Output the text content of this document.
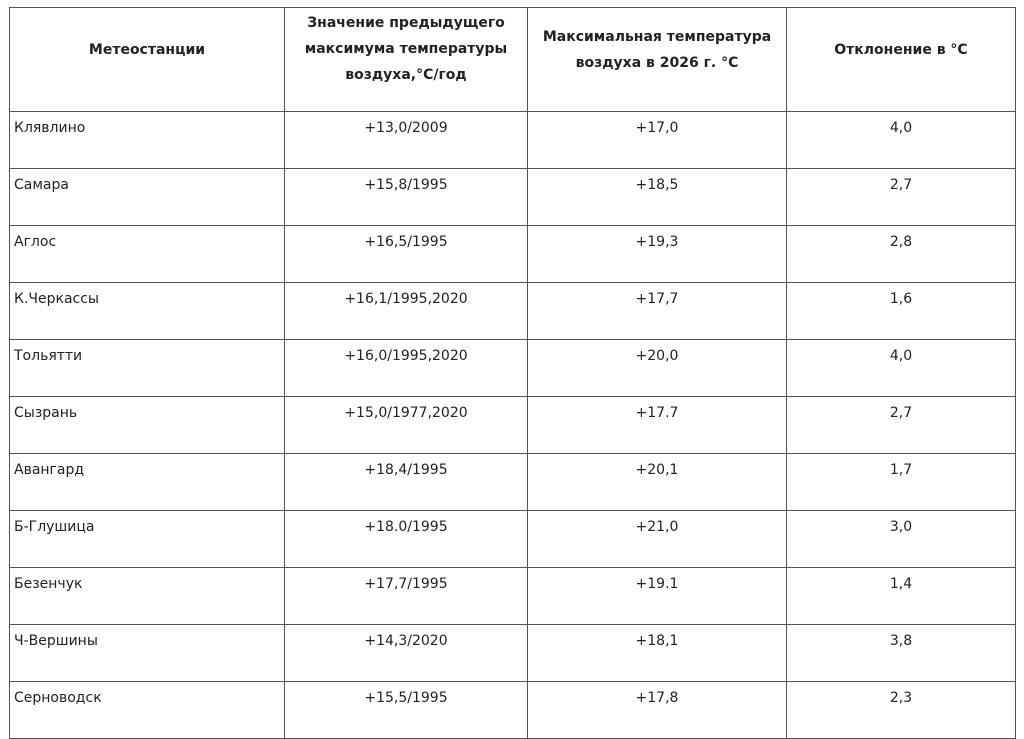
Метеостанции	Значение предыдущего максимума температуры воздуха,°С/год	Максимальная температура воздуха в 2026 г. °С	Отклонение в °С
Клявлино	+13,0/2009	+17,0	4,0
Самара	+15,8/1995	+18,5	2,7
Аглос	+16,5/1995	+19,3	2,8
К.Черкассы	+16,1/1995,2020	+17,7	1,6
Тольятти	+16,0/1995,2020	+20,0	4,0
Сызрань	+15,0/1977,2020	+17.7	2,7
Авангард	+18,4/1995	+20,1	1,7
Б-Глушица	+18.0/1995	+21,0	3,0
Безенчук	+17,7/1995	+19.1	1,4
Ч-Вершины	+14,3/2020	+18,1	3,8
Серноводск	+15,5/1995	+17,8	2,3
